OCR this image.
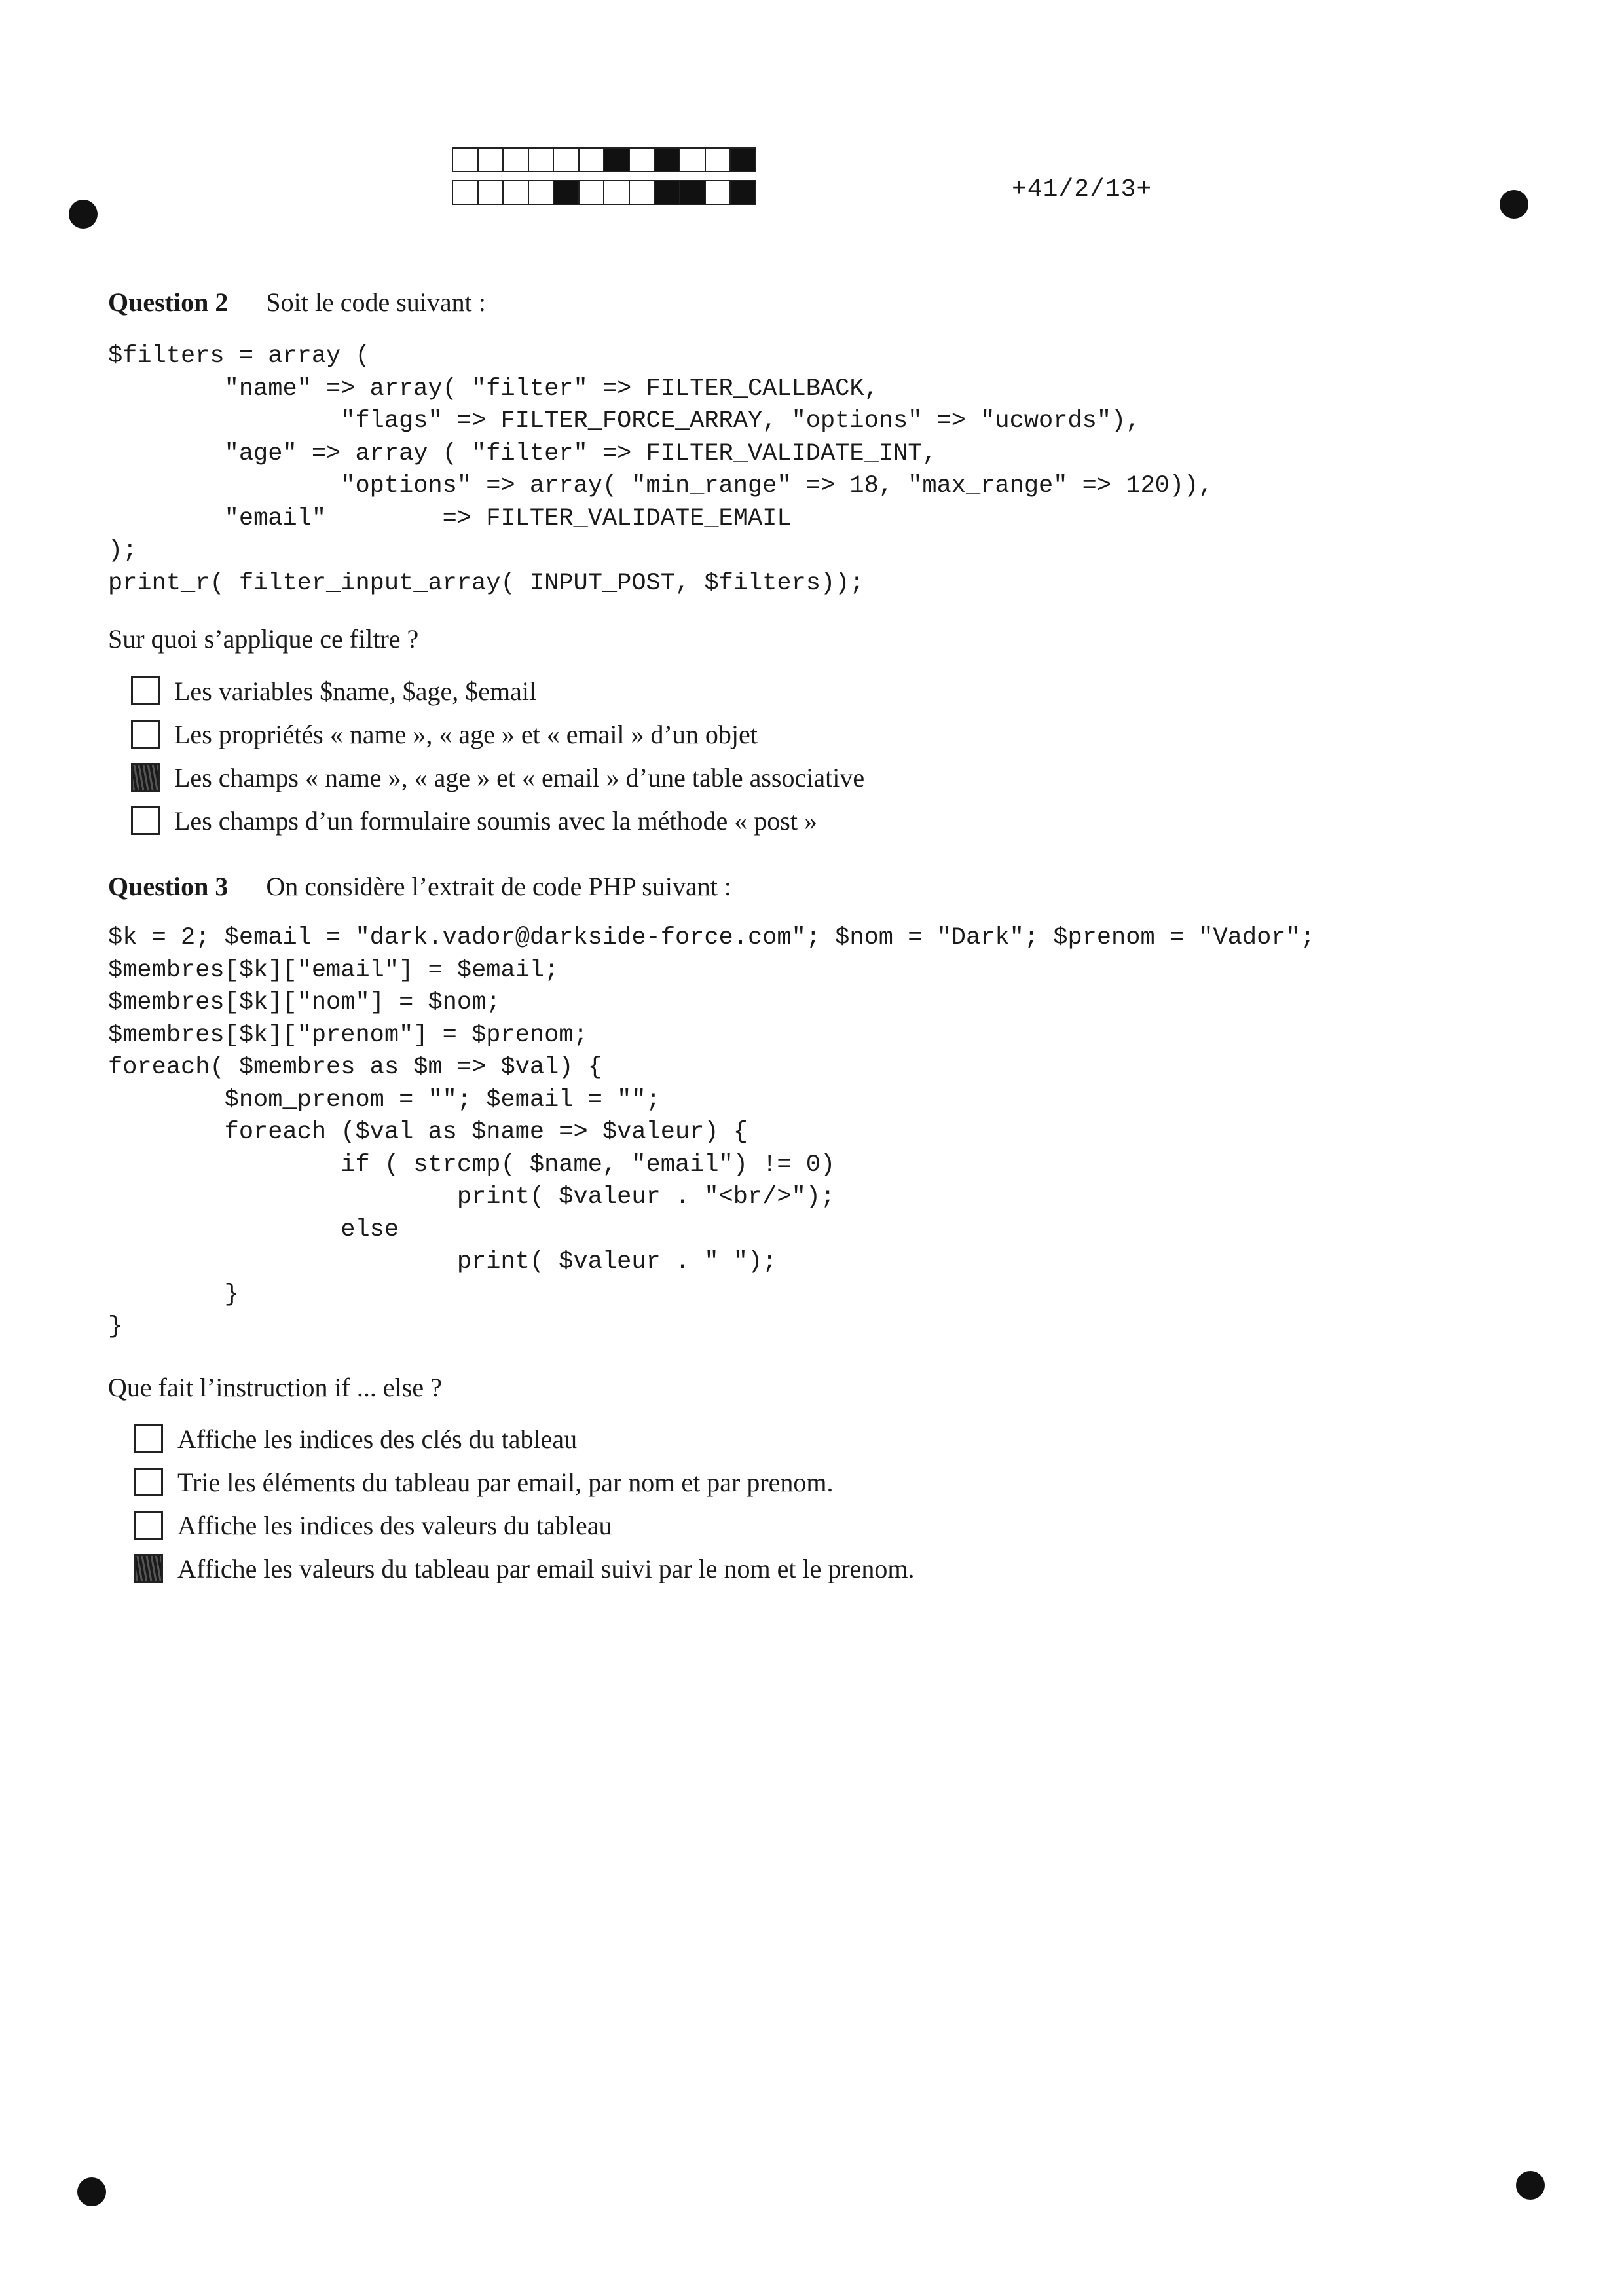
+41/2/13+
Question 2 Soit le code suivant :
$filters = array (
"name" => array( "filter" => FILTER_CALLBACK,
"flags" => FILTER_FORCE_ARRAY, "options" => "ucwords"),
"age" => array ( "filter" => FILTER_VALIDATE_INT,
"options" => array( "min_range" => 18, "max_range" => 120)),
"email"        => FILTER_VALIDATE_EMAIL
);
print_r( filter_input_array( INPUT_POST, $filters));
Sur quoi s’applique ce filtre ?
Les variables $name, $age, $email
Les propriétés « name », « age » et « email » d’un objet
Les champs « name », « age » et « email » d’une table associative
Les champs d’un formulaire soumis avec la méthode « post »
Question 3 On considère l’extrait de code PHP suivant :
$k = 2; $email = "dark.vador@darkside-force.com"; $nom = "Dark"; $prenom = "Vador";
$membres[$k]["email"] = $email;
$membres[$k]["nom"] = $nom;
$membres[$k]["prenom"] = $prenom;
foreach( $membres as $m => $val) {
$nom_prenom = ""; $email = "";
foreach ($val as $name => $valeur) {
if ( strcmp( $name, "email") != 0)
print( $valeur . "<br/>");
else
print( $valeur . " ");
}
}
Que fait l’instruction if ... else ?
Affiche les indices des clés du tableau
Trie les éléments du tableau par email, par nom et par prenom.
Affiche les indices des valeurs du tableau
Affiche les valeurs du tableau par email suivi par le nom et le prenom.
